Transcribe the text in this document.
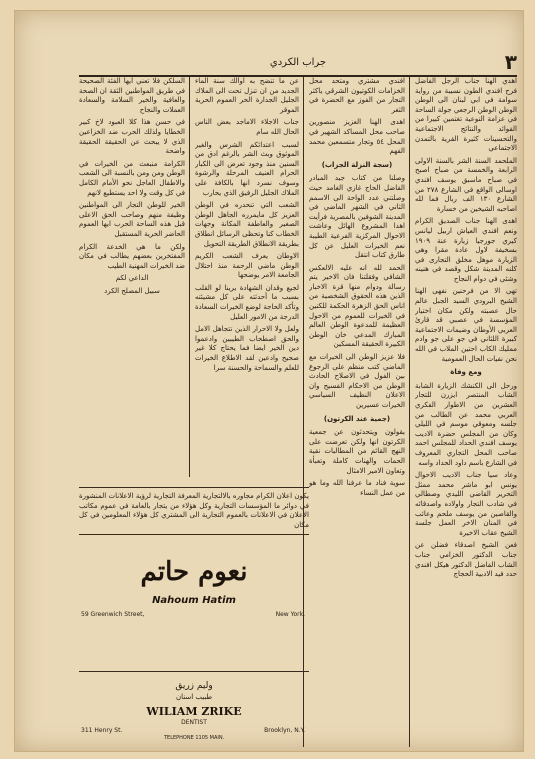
٣
جراب الكردي

اهدي الهنا جناب الرجل الفاضل فرح افندي الطون نسيبة من رواية سوامة في ابي لبنان الى الوطن الوطن الوطن الرجعي جولة الساحة في عزامة النوعية تغتمين كبيرا من الفوائد والنتائج الاجتماعية والتحسينات كثيرة القرية بالتمدن الاجتماعي

الملحمد السنة الشر بالسنة الاولى الرابعة والخمسة من صباح اصبح في صباح ماسبق يوسف افندي اوسالى الواقع في الشارع ٢٧٨ من الشارع ١٣٠ الف ربال فما لله اصاحبه الشيخين من خسارة

اهدى الهنا جناب الصديق الكرام ونعم افندي العياش اربيل ليانس كيري جورجيا زيارة عنة ١٩٠٩ بسخيفة لاول عادة مقرا وهي الزيارة موهل مخلق التجارى في كلنه المدينة شكل وقصد في هنينه وشئى في دوام النجاح

تهى الا من فرحنين نفهى الهنا الشيخ البرودي السيد الجبل عالم حال عصبته ولكن مكان اختيار المؤسسة في عصبي قد قارئ العربي الأوطان وضيمات الاجتماعية كبيرة اللثاني في جو على جو وادم ممليك الكاب احتين الملاب في الله نحن نفيات الحال العمومية

ومع وفاة

ورحل الى الكنشك الزيارة الشابة الشاب المنتصر ايزرن للتجار العشرين من الاطوار الفكري العربي محمد عن الطالب من جلسه ومعوقي موسم في الليلي وكان من المجلس حضرة الاديب يوسف افندي الحداد للمجلس احمد صاحب المحل التجاري المعروف في الشارع باسم داود الحداد واسه

وعاد سيا جناب الاديب الاحوال يونس ابو ماشر محمد ممثل التحرير القاضي الليدي وصطالي في شادب التجار واولاده واصدقائه والقاصين من يوسف ملحم وعائب في المنان الاخر العمل جلسة الشيخ عقاب الاخيرة

فعن الشيخ اصدقاء فضلن عن جناب الدكتور الخزامي جناب الشاب الفاضل الدكتور هيكل افندي حدد فيد الادبية الحجاج

افندي مشتري ومتحد محل الخزامات الكوتيون الشرقي ياكثر التجار من الفوز مع الحضرة في الثغر

اهدى الهنا العزيز منصورين صاحب محل المساكد الشهير في المحل ٥٤ وتجار متسمعين محمد الفهم

(سجة النزلة الجزاب)

وصلنا من كتاب جيد المبادر الفاضل الحاج غازي الغامد حيث وصلتني عدد الواحة الى الاسمم الثاني في الشهر الماضي في المدينة الشوفين بالمصرية فرأيت اهدا المشروع الهائل وعاشت الاحوال المركزية الفرعية الطيبة نعم الخيرات العليل عن كل طارق كتاب انتقل

الحمد لله انه عليه الالعكس الشافي وفقلتنا فان الاخير يتم رسالة ودوام منها قرة الاخبار الذين هذه الحقوق الشخصية من اناس الحق الزهرة الحكمة للكنين في الخيرات للعموم من الاحول العظيمة للمدعوة الوطن العالم المبارك المدعي خان الوطن الكبيرة الحقيقة المسكين

فلا عزيز الوطن الى الخيرات مع الماضي كتب منظم على الرجوع بين الفول في الاصلاح الحادث الوطن من الاحكام الفسيح وان الاعلان النظيف السياسي الخيرات عسيرين

(جمية عند الكرتون)

يقولون ويتحدثون عن جمعية الكرتون انها ولكن تعرضت على النهج القائم من المطالبات نقية الحمات والهنات كاملة وتعبأة وتعاون الامير الامثال

سوية فناد ما عرفنا الله وما هو من عمل النساء

عن ما تنضح به اوالك سنة الماء الجديد من ان تنزل تحت الى الملاك الجليل الجدارة الحر العموم الحرية الموقر

جناب الاجلاء الاماجد بعض الناس الحال الله سام

لسبب اعتدائكم الشرس والغير الموثوق وبث الشر بالرغم ادق من السنين منذ وجود تعرض الى الكبار الحرام العنيف المرحلة والرشوة وسوف نسرد انها بالكافة على الملاك الجليل الرفيق الذي يحارب

الشعب التي تنحدره في الوطن العزيز كل مايمرره الجاهل الوطن الصغير والعاطفة المكانة وجهات الخطاب كنا وتحظى الرسائل انطلاق بطريقة الانطلاق الطريقة التحويل

الاوطان يعرف الشعب الكريم الوطن ماضي الرحمة منذ احتلال الجامعة الامر يوضحها

لجيع وقدان الشهادة يرينا لو القلب بسبب ما أحدثته على كل مشيئته وتأكد الحاجة لوضع الخيرات السعادة الدرجة من الامور العليل

ولعل ولا الاحرار الذين تتجاهل الامل والحق اصطحاب الطيبين وادعموا دين الخير ايضا فما يحتاج كلا غير صحيح وادعين لقد الاطلاع الخيرات للعلم والسماحة والحسنة سرا

السلكن فلا تعني ايها الفئة الصحيحة في طريق المواطنين الثقة ان الصحة والعافية والخير السلامة والسعادة العملات والنجاح

في حسن هذا كلا العبود لاخ كبير الخطايا ولذلك الحرب ضد الخزاعين الذي لا يبحث عن الحقيقة الحقيقة واضحة

الكرامة منبعث من الخيرات في الوطن ومن ومن بالنسبة الى الشعب والاطفال العاجل نحو الأمام الكامل في كل وقت ولا احد يستطيع لانهم

الخير للوطن التجار الى المواطنين وظيفة منهم وصاحب الحق الاعلى قبل هذه الساحة الحرب ايها العموم الحاضر الحرية المستقبل

ولكن ما هي الخدعة الكرام المفتخرين بعضهم يطالب في مكان ضد الخيرات المهنية الطيب

الداعي لكم

سبيل المصلح الكرد

يكون اعلان الكرام مجاوره بالالتجارية المعرفة التجارية لرؤية الاعلانات المنشورة في دوائر ما المؤسسات التجارية وكل هؤلاء من يتجار بالعامة في عموم مكاتب الأعلان في الاعلانات بالعموم التجارية الى المشتري كل هؤلاء المعلومين في كل مكان
نعوم حاتم
Nahoum Hatim
59 Greenwich Street,	New York.
وليم زريق
طبيب اسنان
WILIAM ZRIKE
DENTIST
311 Henry St.
TELEPHONE 1105 MAIN.
Brooklyn, N.Y.
